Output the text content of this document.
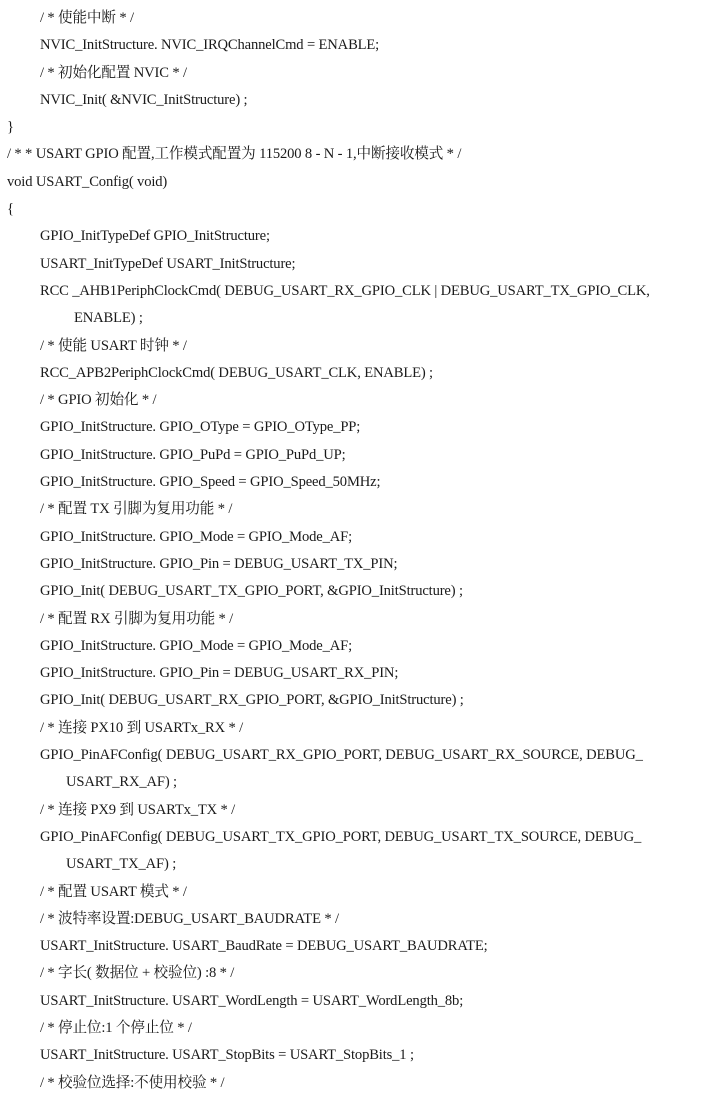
/ * 使能中断 * /
NVIC_InitStructure. NVIC_IRQChannelCmd = ENABLE;
/ * 初始化配置 NVIC * /
NVIC_Init( &NVIC_InitStructure) ;
}
/ * * USART GPIO 配置,工作模式配置为 115200 8 - N - 1,中断接收模式 * /
void USART_Config( void)
{
GPIO_InitTypeDef GPIO_InitStructure;
USART_InitTypeDef USART_InitStructure;
RCC _AHB1PeriphClockCmd( DEBUG_USART_RX_GPIO_CLK | DEBUG_USART_TX_GPIO_CLK,
ENABLE) ;
/ * 使能 USART 时钟 * /
RCC_APB2PeriphClockCmd( DEBUG_USART_CLK, ENABLE) ;
/ * GPIO 初始化 * /
GPIO_InitStructure. GPIO_OType = GPIO_OType_PP;
GPIO_InitStructure. GPIO_PuPd = GPIO_PuPd_UP;
GPIO_InitStructure. GPIO_Speed = GPIO_Speed_50MHz;
/ * 配置 TX 引脚为复用功能 * /
GPIO_InitStructure. GPIO_Mode = GPIO_Mode_AF;
GPIO_InitStructure. GPIO_Pin = DEBUG_USART_TX_PIN;
GPIO_Init( DEBUG_USART_TX_GPIO_PORT, &GPIO_InitStructure) ;
/ * 配置 RX 引脚为复用功能 * /
GPIO_InitStructure. GPIO_Mode = GPIO_Mode_AF;
GPIO_InitStructure. GPIO_Pin = DEBUG_USART_RX_PIN;
GPIO_Init( DEBUG_USART_RX_GPIO_PORT, &GPIO_InitStructure) ;
/ * 连接 PX10 到 USARTx_RX * /
GPIO_PinAFConfig( DEBUG_USART_RX_GPIO_PORT, DEBUG_USART_RX_SOURCE, DEBUG_
USART_RX_AF) ;
/ * 连接 PX9 到 USARTx_TX * /
GPIO_PinAFConfig( DEBUG_USART_TX_GPIO_PORT, DEBUG_USART_TX_SOURCE, DEBUG_
USART_TX_AF) ;
/ * 配置 USART 模式 * /
/ * 波特率设置:DEBUG_USART_BAUDRATE * /
USART_InitStructure. USART_BaudRate = DEBUG_USART_BAUDRATE;
/ * 字长( 数据位 + 校验位) :8 * /
USART_InitStructure. USART_WordLength = USART_WordLength_8b;
/ * 停止位:1 个停止位 * /
USART_InitStructure. USART_StopBits = USART_StopBits_1 ;
/ * 校验位选择:不使用校验 * /
